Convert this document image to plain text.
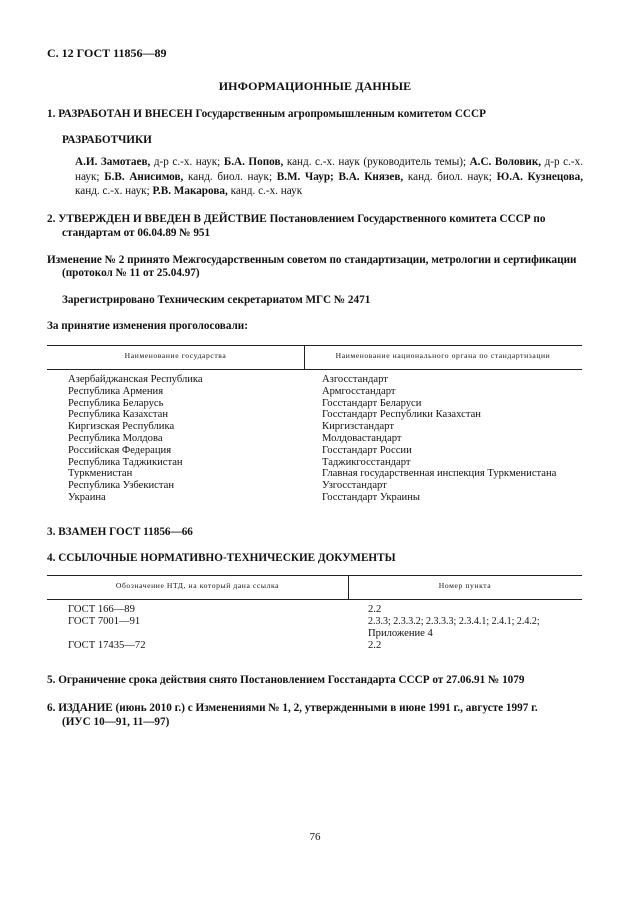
С. 12 ГОСТ 11856—89
ИНФОРМАЦИОННЫЕ ДАННЫЕ
1. РАЗРАБОТАН И ВНЕСЕН Государственным агропромышленным комитетом СССР
РАЗРАБОТЧИКИ
А.И. Замотаев, д-р с.-х. наук; Б.А. Попов, канд. с.-х. наук (руководитель темы); А.С. Воловик, д-р с.-х. наук; Б.В. Анисимов, канд. биол. наук; В.М. Чаур; В.А. Князев, канд. биол. наук; Ю.А. Кузнецова, канд. с.-х. наук; Р.В. Макарова, канд. с.-х. наук
2. УТВЕРЖДЕН И ВВЕДЕН В ДЕЙСТВИЕ Постановлением Государственного комитета СССР по
стандартам от 06.04.89 № 951
Изменение № 2 принято Межгосударственным советом по стандартизации, метрологии и сертификации
(протокол № 11 от 25.04.97)
Зарегистрировано Техническим секретариатом МГС № 2471
За принятие изменения проголосовали:
Наименование государства	Наименование национального органа по стандартизации
Азербайджанская Республика
Республика Армения
Республика Беларусь
Республика Казахстан
Киргизская Республика
Республика Молдова
Российская Федерация
Республика Таджикистан
Туркменистан
Республика Узбекистан
Украина
Азгосстандарт
Армгосстандарт
Госстандарт Беларуси
Госстандарт Республики Казахстан
Киргизстандарт
Молдовастандарт
Госстандарт России
Таджикгосстандарт
Главная государственная инспекция Туркменистана
Узгосстандарт
Госстандарт Украины
3. ВЗАМЕН ГОСТ 11856—66
4. ССЫЛОЧНЫЕ НОРМАТИВНО-ТЕХНИЧЕСКИЕ ДОКУМЕНТЫ
Обозначение НТД, на который дана ссылка	Номер пункта
ГОСТ 166—89
ГОСТ 7001—91
ГОСТ 17435—72
2.2
2.3.3; 2.3.3.2; 2.3.3.3; 2.3.4.1; 2.4.1; 2.4.2;
Приложение 4
2.2
5. Ограничение срока действия снято Постановлением Госстандарта СССР от 27.06.91 № 1079
6. ИЗДАНИЕ (июнь 2010 г.) с Изменениями № 1, 2, утвержденными в июне 1991 г., августе 1997 г.
(ИУС 10—91, 11—97)
76
